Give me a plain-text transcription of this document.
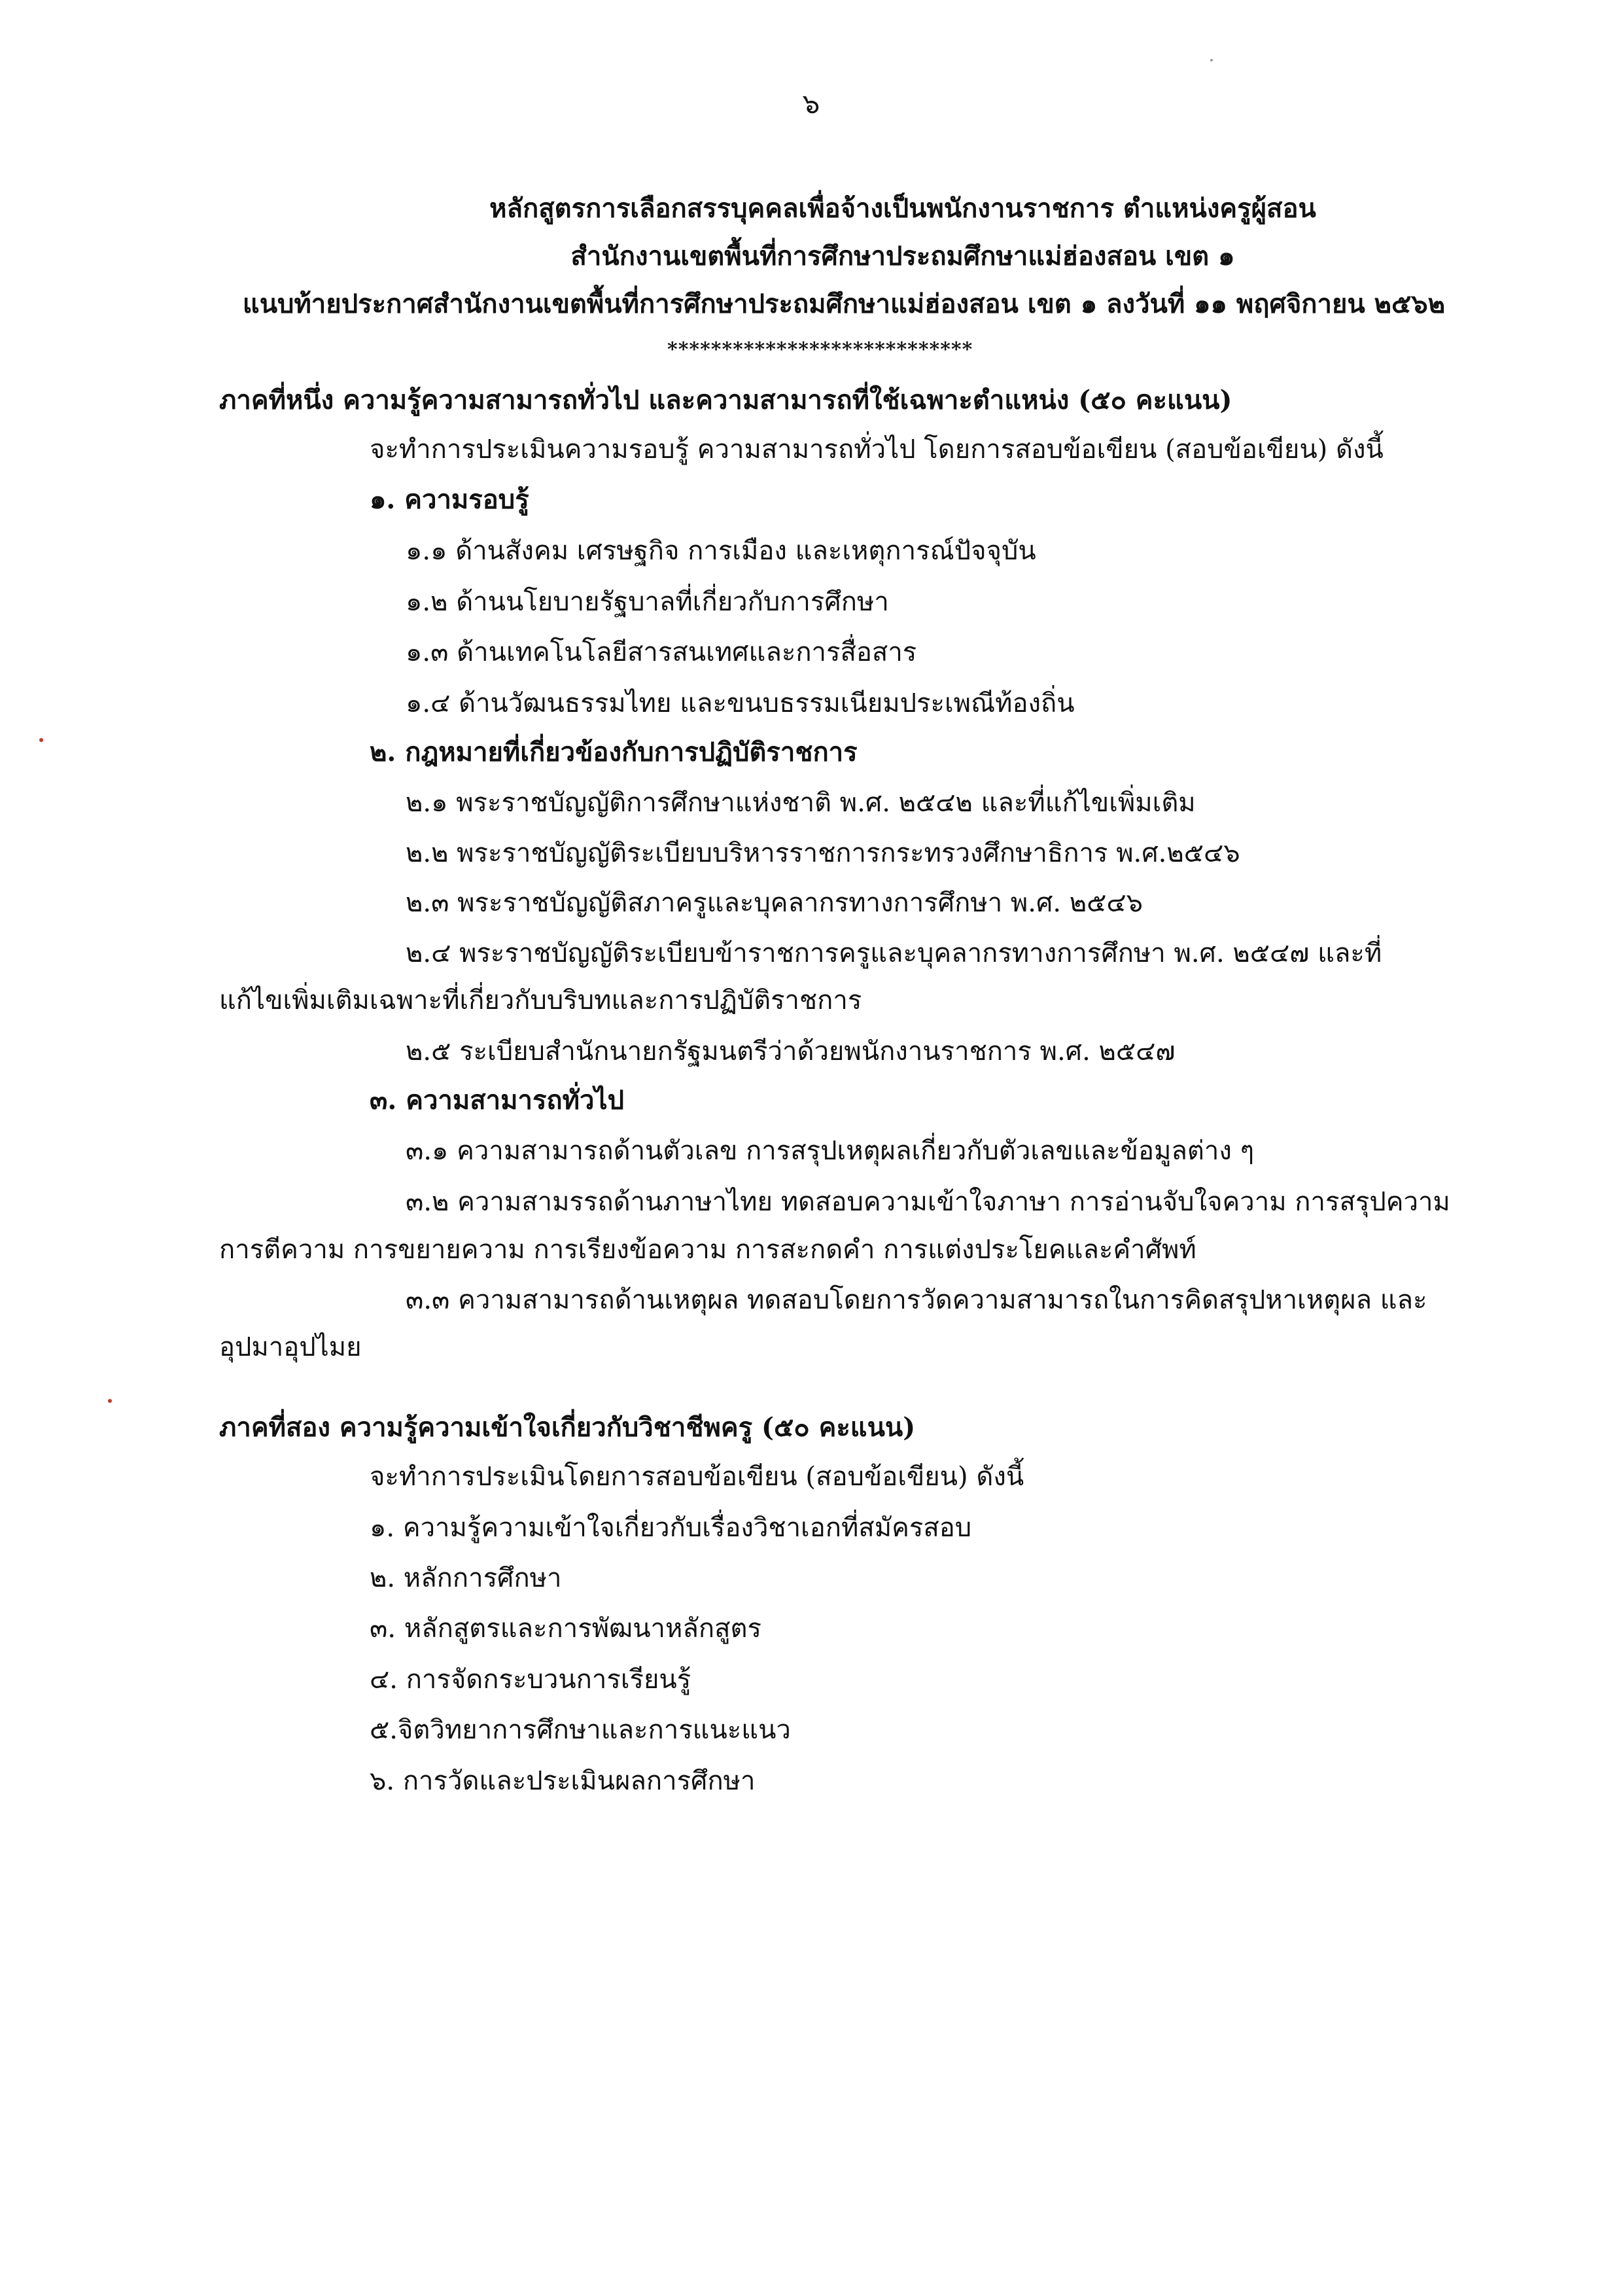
๖
หลักสูตรการเลือกสรรบุคคลเพื่อจ้างเป็นพนักงานราชการ ตำแหน่งครูผู้สอน
สำนักงานเขตพื้นที่การศึกษาประถมศึกษาแม่ฮ่องสอน เขต ๑
แนบท้ายประกาศสำนักงานเขตพื้นที่การศึกษาประถมศึกษาแม่ฮ่องสอน เขต ๑ ลงวันที่ ๑๑ พฤศจิกายน ๒๕๖๒
****************************
ภาคที่หนึ่ง ความรู้ความสามารถทั่วไป และความสามารถที่ใช้เฉพาะตำแหน่ง (๕๐ คะแนน)
จะทำการประเมินความรอบรู้ ความสามารถทั่วไป โดยการสอบข้อเขียน (สอบข้อเขียน) ดังนี้
๑. ความรอบรู้
๑.๑ ด้านสังคม เศรษฐกิจ การเมือง และเหตุการณ์ปัจจุบัน
๑.๒ ด้านนโยบายรัฐบาลที่เกี่ยวกับการศึกษา
๑.๓ ด้านเทคโนโลยีสารสนเทศและการสื่อสาร
๑.๔ ด้านวัฒนธรรมไทย และขนบธรรมเนียมประเพณีท้องถิ่น
๒. กฎหมายที่เกี่ยวข้องกับการปฏิบัติราชการ
๒.๑ พระราชบัญญัติการศึกษาแห่งชาติ พ.ศ. ๒๕๔๒ และที่แก้ไขเพิ่มเติม
๒.๒ พระราชบัญญัติระเบียบบริหารราชการกระทรวงศึกษาธิการ พ.ศ.๒๕๔๖
๒.๓ พระราชบัญญัติสภาครูและบุคลากรทางการศึกษา พ.ศ. ๒๕๔๖
๒.๔ พระราชบัญญัติระเบียบข้าราชการครูและบุคลากรทางการศึกษา พ.ศ. ๒๕๔๗ และที่
แก้ไขเพิ่มเติมเฉพาะที่เกี่ยวกับบริบทและการปฏิบัติราชการ
๒.๕ ระเบียบสำนักนายกรัฐมนตรีว่าด้วยพนักงานราชการ พ.ศ. ๒๕๔๗
๓. ความสามารถทั่วไป
๓.๑ ความสามารถด้านตัวเลข การสรุปเหตุผลเกี่ยวกับตัวเลขและข้อมูลต่าง ๆ
๓.๒ ความสามรรถด้านภาษาไทย ทดสอบความเข้าใจภาษา การอ่านจับใจความ การสรุปความ
การตีความ การขยายความ การเรียงข้อความ การสะกดคำ การแต่งประโยคและคำศัพท์
๓.๓ ความสามารถด้านเหตุผล ทดสอบโดยการวัดความสามารถในการคิดสรุปหาเหตุผล และ
อุปมาอุปไมย
ภาคที่สอง ความรู้ความเข้าใจเกี่ยวกับวิชาชีพครู (๕๐ คะแนน)
จะทำการประเมินโดยการสอบข้อเขียน (สอบข้อเขียน) ดังนี้
๑. ความรู้ความเข้าใจเกี่ยวกับเรื่องวิชาเอกที่สมัครสอบ
๒. หลักการศึกษา
๓. หลักสูตรและการพัฒนาหลักสูตร
๔. การจัดกระบวนการเรียนรู้
๕.จิตวิทยาการศึกษาและการแนะแนว
๖. การวัดและประเมินผลการศึกษา
